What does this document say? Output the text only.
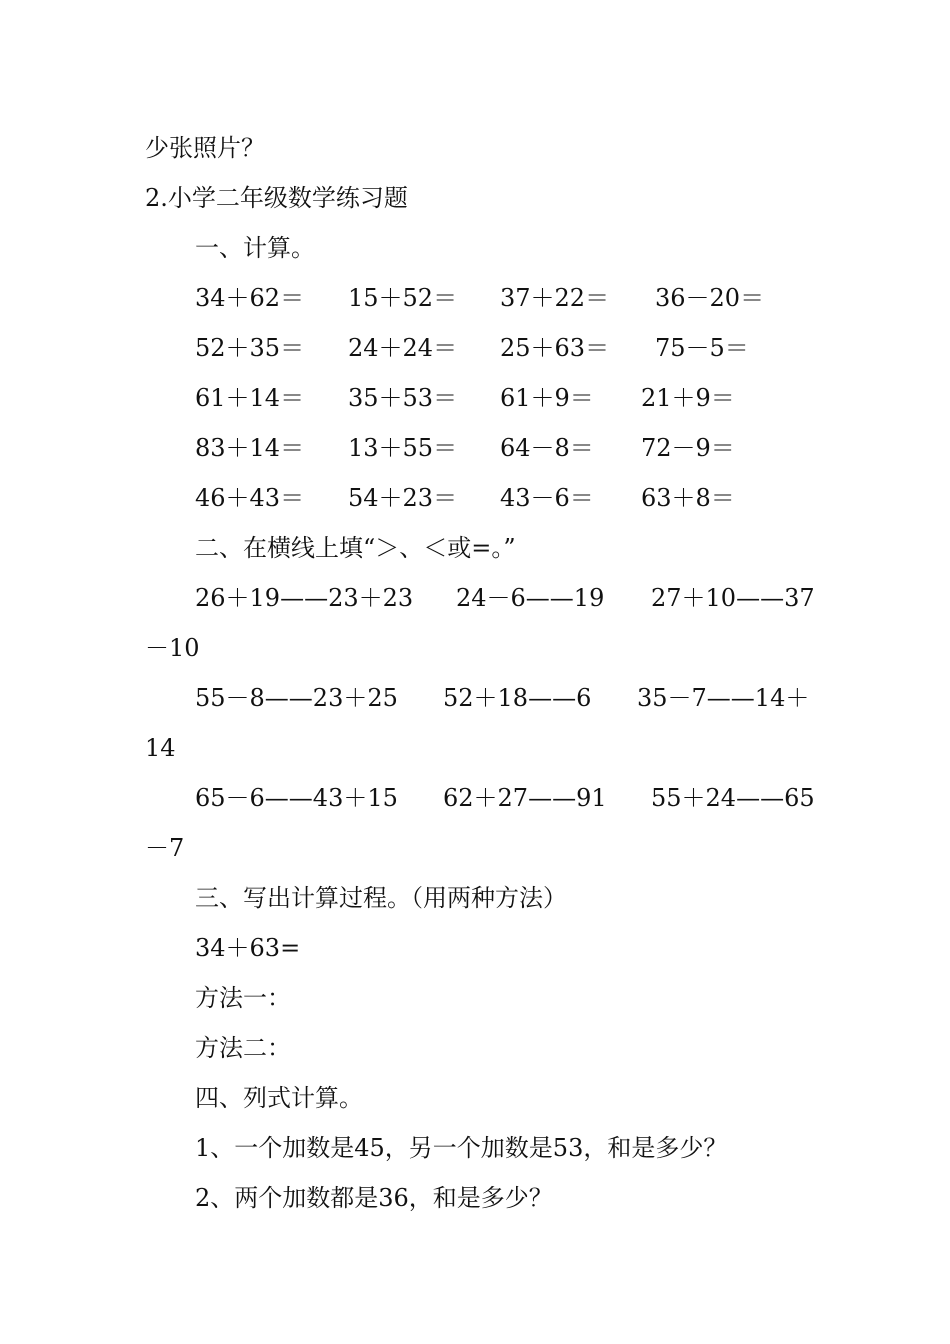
少张照片？
2.小学二年级数学练习题
一、计算。
34＋62＝ 15＋52＝ 37＋22＝ 36－20＝
52＋35＝ 24＋24＝ 25＋63＝ 75－5＝
61＋14＝ 35＋53＝ 61＋9＝ 21＋9＝
83＋14＝ 13＋55＝ 64－8＝ 72－9＝
46＋43＝ 54＋23＝ 43－6＝ 63＋8＝
二、在横线上填“＞、＜或=。”
26＋19——23＋23 24－6——19 27＋10——37
－10
55－8——23＋25 52＋18——6 35－7——14＋
14
65－6——43＋15 62＋27——91 55＋24——65
－7
三、写出计算过程。（用两种方法）
34＋63=
方法一：
方法二：
四、列式计算。
1、一个加数是45，另一个加数是53，和是多少？
2、两个加数都是36，和是多少？
